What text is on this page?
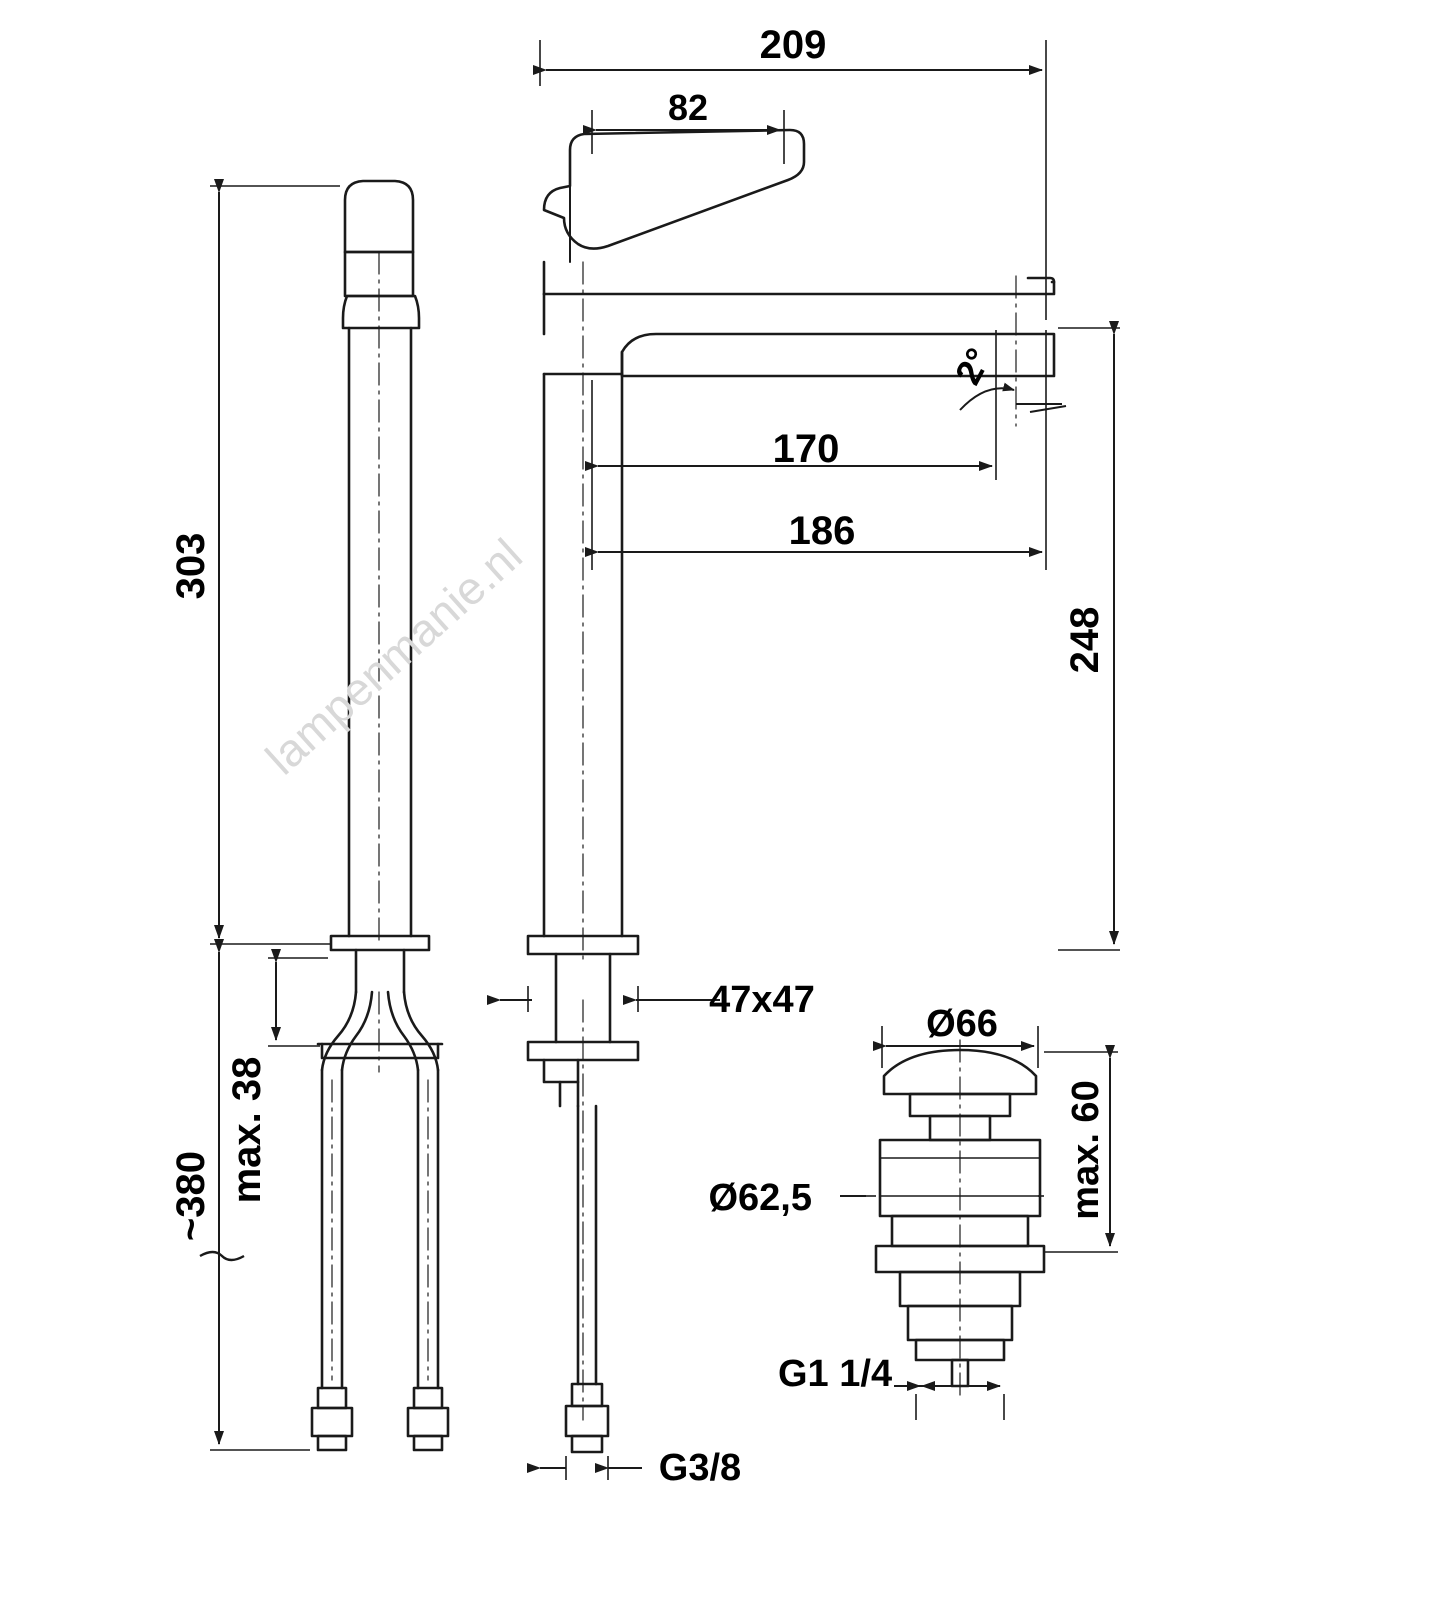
209
82
170
186
248
303
~380 max. 38
47x47
2°
G3/8
Ø66
max. 60
Ø62,5
G1 1/4
lampenmanie.nl
